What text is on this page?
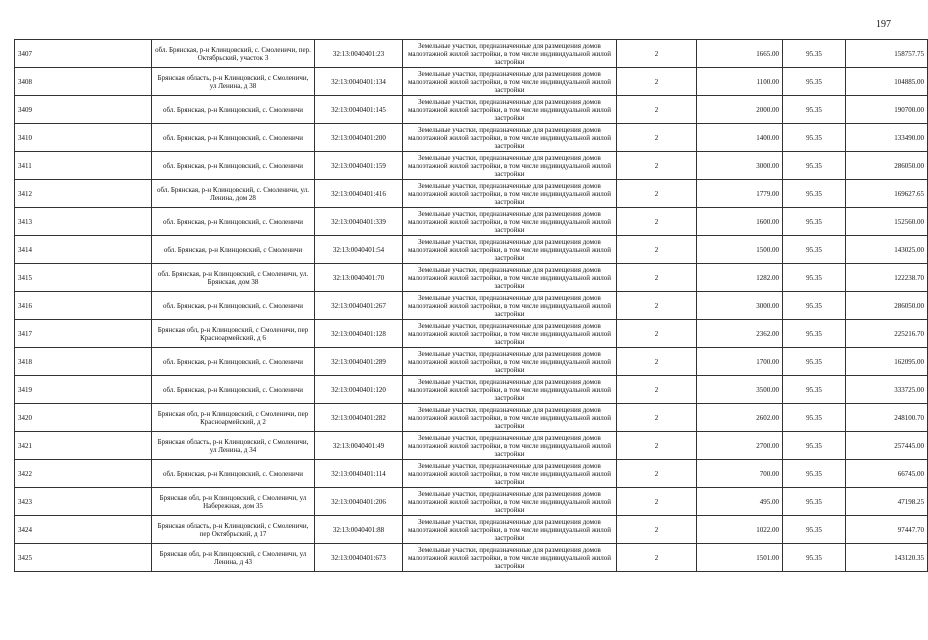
197
3407	обл. Брянская, р-н Клинцовский, с. Смоленичи, пер. Октябрьский, участок 3	32:13:0040401:23	Земельные участки, предназначенные для размещения домов малоэтажной жилой застройки, в том числе индивидуальной жилой застройки	2	1665.00	95.35	158757.75
3408	Брянская область, р-н Клинцовский, с Смоленичи, ул Ленина, д 38	32:13:0040401:134	Земельные участки, предназначенные для размещения домов малоэтажной жилой застройки, в том числе индивидуальной жилой застройки	2	1100.00	95.35	104885.00
3409	обл. Брянская, р-н Клинцовский, с. Смоленичи	32:13:0040401:145	Земельные участки, предназначенные для размещения домов малоэтажной жилой застройки, в том числе индивидуальной жилой застройки	2	2000.00	95.35	190700.00
3410	обл. Брянская, р-н Клинцовский, с. Смоленичи	32:13:0040401:200	Земельные участки, предназначенные для размещения домов малоэтажной жилой застройки, в том числе индивидуальной жилой застройки	2	1400.00	95.35	133490.00
3411	обл. Брянская, р-н Клинцовский, с. Смоленичи	32:13:0040401:159	Земельные участки, предназначенные для размещения домов малоэтажной жилой застройки, в том числе индивидуальной жилой застройки	2	3000.00	95.35	286050.00
3412	обл. Брянская, р-н Клинцовский, с. Смоленичи, ул. Ленина, дом 28	32:13:0040401:416	Земельные участки, предназначенные для размещения домов малоэтажной жилой застройки, в том числе индивидуальной жилой застройки	2	1779.00	95.35	169627.65
3413	обл. Брянская, р-н Клинцовский, с. Смоленичи	32:13:0040401:339	Земельные участки, предназначенные для размещения домов малоэтажной жилой застройки, в том числе индивидуальной жилой застройки	2	1600.00	95.35	152560.00
3414	обл. Брянская, р-н Клинцовский, с Смоленичи	32:13:0040401:54	Земельные участки, предназначенные для размещения домов малоэтажной жилой застройки, в том числе индивидуальной жилой застройки	2	1500.00	95.35	143025.00
3415	обл. Брянская, р-н Клинцовский, с Смоленичи, ул. Брянская, дом 38	32:13:0040401:70	Земельные участки, предназначенные для размещения домов малоэтажной жилой застройки, в том числе индивидуальной жилой застройки	2	1282.00	95.35	122238.70
3416	обл. Брянская, р-н Клинцовский, с. Смоленичи	32:13:0040401:267	Земельные участки, предназначенные для размещения домов малоэтажной жилой застройки, в том числе индивидуальной жилой застройки	2	3000.00	95.35	286050.00
3417	Брянская обл, р-н Клинцовский, с Смоленичи, пер Красноармейский, д 6	32:13:0040401:128	Земельные участки, предназначенные для размещения домов малоэтажной жилой застройки, в том числе индивидуальной жилой застройки	2	2362.00	95.35	225216.70
3418	обл. Брянская, р-н Клинцовский, с. Смоленичи	32:13:0040401:289	Земельные участки, предназначенные для размещения домов малоэтажной жилой застройки, в том числе индивидуальной жилой застройки	2	1700.00	95.35	162095.00
3419	обл. Брянская, р-н Клинцовский, с. Смоленичи	32:13:0040401:120	Земельные участки, предназначенные для размещения домов малоэтажной жилой застройки, в том числе индивидуальной жилой застройки	2	3500.00	95.35	333725.00
3420	Брянская обл, р-н Клинцовский, с Смоленичи, пер Красноармейский, д 2	32:13:0040401:282	Земельные участки, предназначенные для размещения домов малоэтажной жилой застройки, в том числе индивидуальной жилой застройки	2	2602.00	95.35	248100.70
3421	Брянская область, р-н Клинцовский, с Смоленичи, ул Ленина, д 34	32:13:0040401:49	Земельные участки, предназначенные для размещения домов малоэтажной жилой застройки, в том числе индивидуальной жилой застройки	2	2700.00	95.35	257445.00
3422	обл. Брянская, р-н Клинцовский, с. Смоленичи	32:13:0040401:114	Земельные участки, предназначенные для размещения домов малоэтажной жилой застройки, в том числе индивидуальной жилой застройки	2	700.00	95.35	66745.00
3423	Брянская обл, р-н Клинцовский, с Смоленичи, ул Набережная, дом 35	32:13:0040401:206	Земельные участки, предназначенные для размещения домов малоэтажной жилой застройки, в том числе индивидуальной жилой застройки	2	495.00	95.35	47198.25
3424	Брянская область, р-н Клинцовский, с Смоленичи, пер Октябрьский, д 17	32:13:0040401:88	Земельные участки, предназначенные для размещения домов малоэтажной жилой застройки, в том числе индивидуальной жилой застройки	2	1022.00	95.35	97447.70
3425	Брянская обл, р-н Клинцовский, с Смоленичи, ул Ленина, д 43	32:13:0040401:673	Земельные участки, предназначенные для размещения домов малоэтажной жилой застройки, в том числе индивидуальной жилой застройки	2	1501.00	95.35	143120.35
